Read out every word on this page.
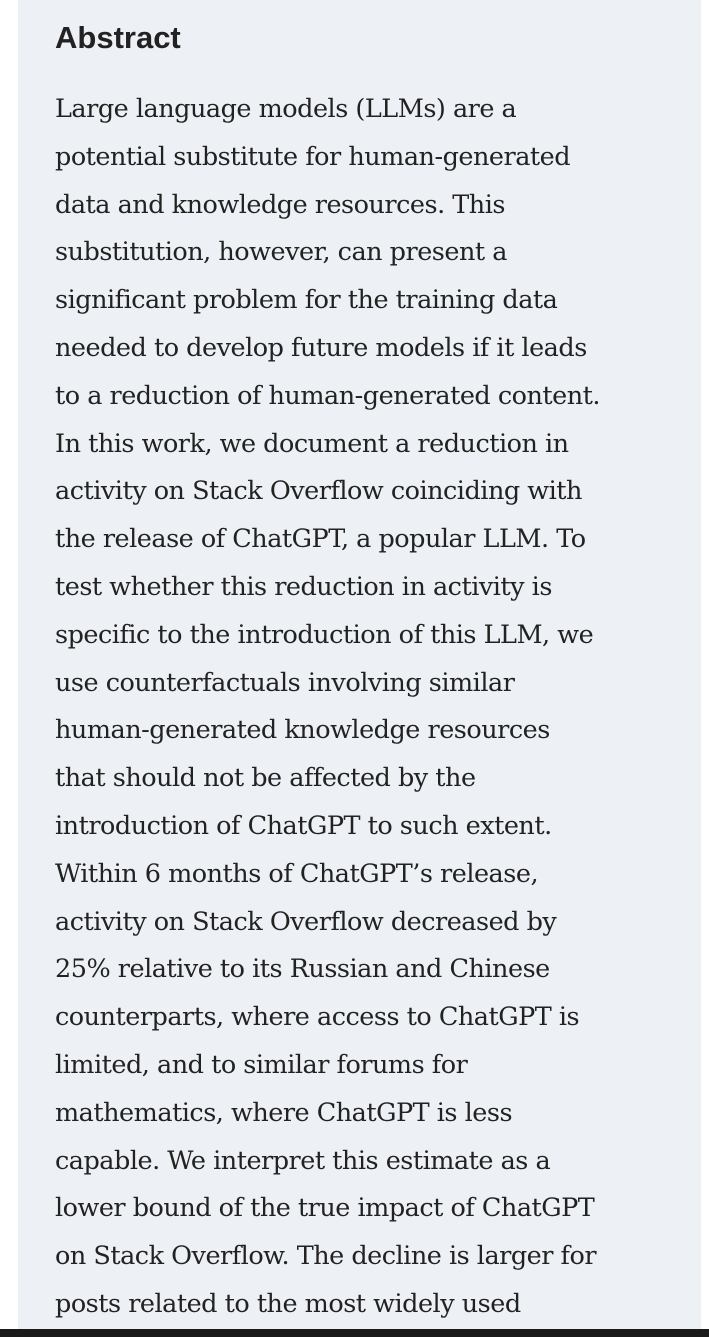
Abstract
Large language models (LLMs) are a
potential substitute for human-generated
data and knowledge resources. This
substitution, however, can present a
significant problem for the training data
needed to develop future models if it leads
to a reduction of human-generated content.
In this work, we document a reduction in
activity on Stack Overflow coinciding with
the release of ChatGPT, a popular LLM. To
test whether this reduction in activity is
specific to the introduction of this LLM, we
use counterfactuals involving similar
human-generated knowledge resources
that should not be affected by the
introduction of ChatGPT to such extent.
Within 6 months of ChatGPT’s release,
activity on Stack Overflow decreased by
25% relative to its Russian and Chinese
counterparts, where access to ChatGPT is
limited, and to similar forums for
mathematics, where ChatGPT is less
capable. We interpret this estimate as a
lower bound of the true impact of ChatGPT
on Stack Overflow. The decline is larger for
posts related to the most widely used
